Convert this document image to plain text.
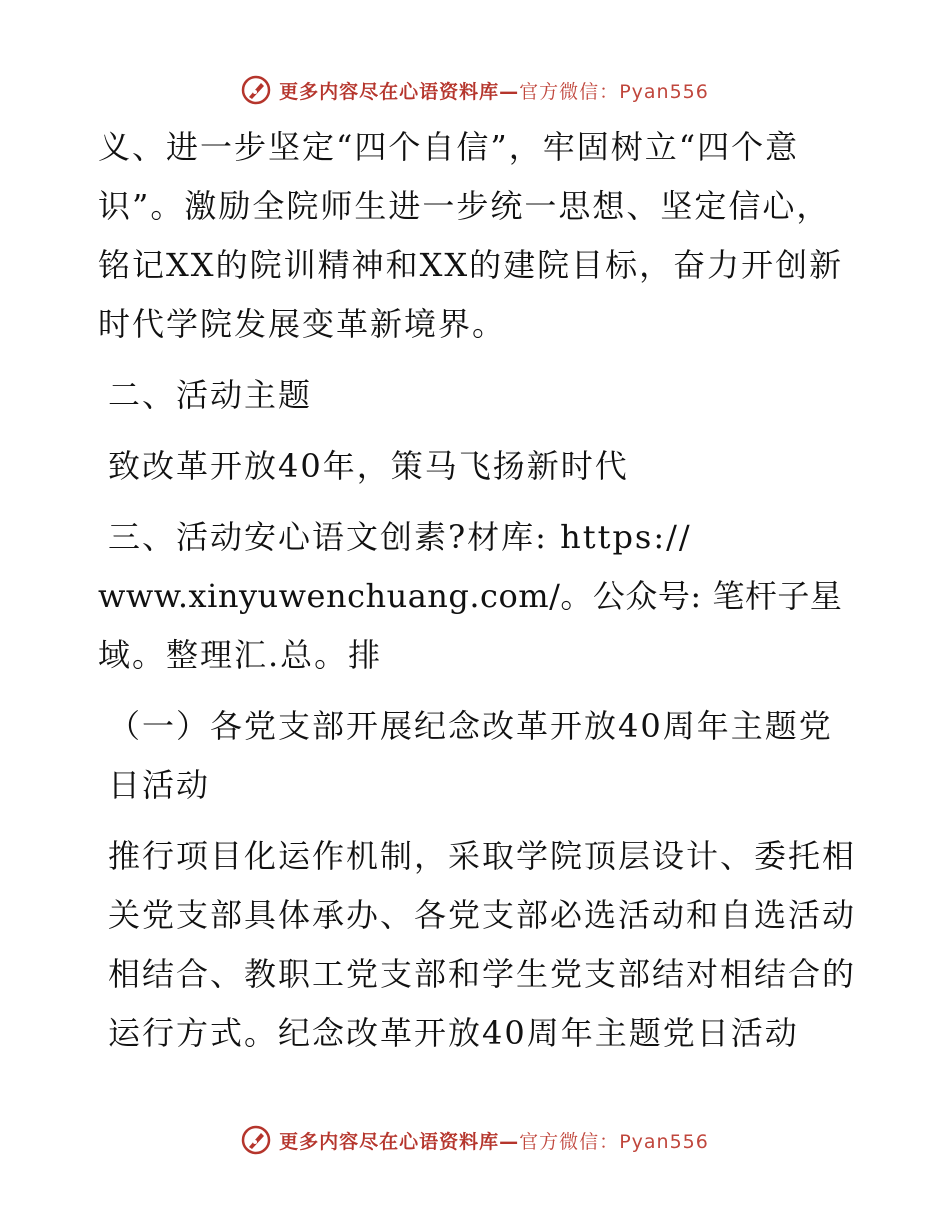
更多内容尽在心语资料库—官方微信：Pyan556

义、进一步坚定“四个自信”，牢固树立“四个意识”。激励全院师生进一步统一思想、坚定信心，铭记XX的院训精神和XX的建院目标，奋力开创新时代学院发展变革新境界。

二、活动主题

致改革开放40年，策马飞扬新时代

三、活动安心语文创素?材库: https://
www.xinyuwenchuang.com/。公众号: 笔杆子星
域。整理汇.总。排

（一）各党支部开展纪念改革开放40周年主题党日活动

推行项目化运作机制，采取学院顶层设计、委托相关党支部具体承办、各党支部必选活动和自选活动相结合、教职工党支部和学生党支部结对相结合的运行方式。纪念改革开放40周年主题党日活动

更多内容尽在心语资料库—官方微信：Pyan556
